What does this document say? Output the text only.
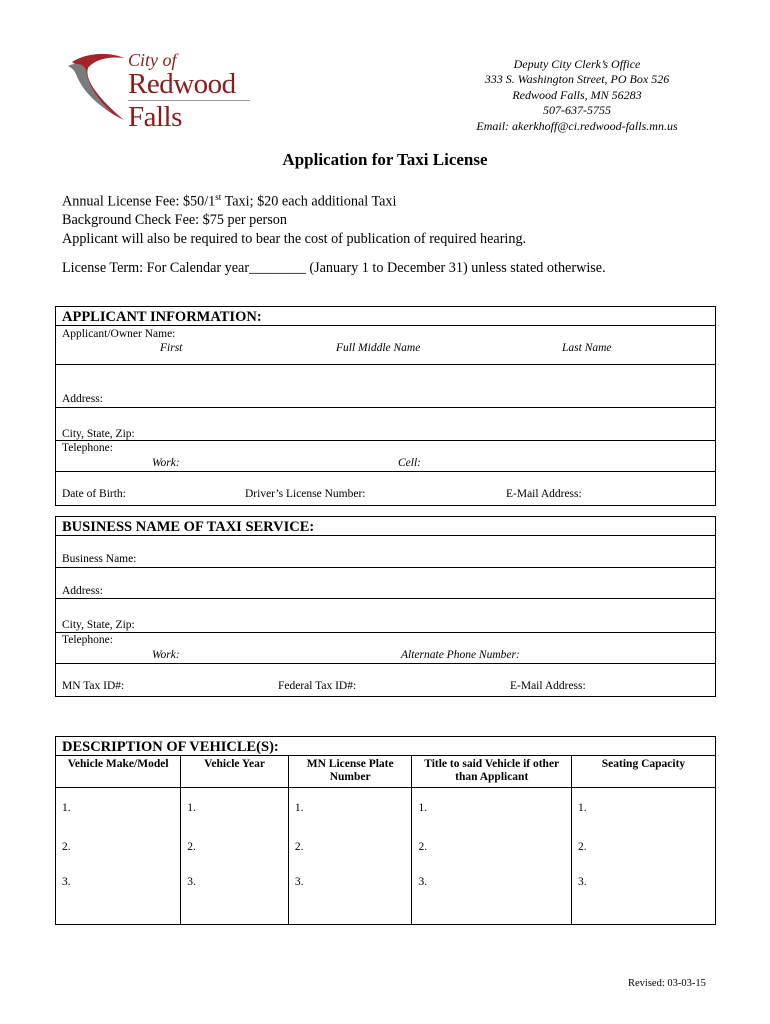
City of
Redwood Falls
Deputy City Clerk’s Office
333 S. Washington Street, PO Box 526
Redwood Falls, MN 56283
507-637-5755
Email: akerkhoff@ci.redwood-falls.mn.us
Application for Taxi License
Annual License Fee: $50/1st Taxi; $20 each additional Taxi
Background Check Fee: $75 per person
Applicant will also be required to bear the cost of publication of required hearing.
License Term: For Calendar year________ (January 1 to December 31) unless stated otherwise.
APPLICANT INFORMATION:
Applicant/Owner Name:
First	Full Middle Name	Last Name
Address:
City, State, Zip:
Telephone:
Work:	Cell:
Date of Birth:	Driver’s License Number:	E-Mail Address:
BUSINESS NAME OF TAXI SERVICE:
Business Name:
Address:
City, State, Zip:
Telephone:
Work:	Alternate Phone Number:
MN Tax ID#:	Federal Tax ID#:	E-Mail Address:
DESCRIPTION OF VEHICLE(S):
Vehicle Make/Model	Vehicle Year	MN License Plate Number	Title to said Vehicle if other than Applicant	Seating Capacity
1.	1.	1.	1.	1.
2.	2.	2.	2.	2.
3.	3.	3.	3.	3.
Revised: 03-03-15
